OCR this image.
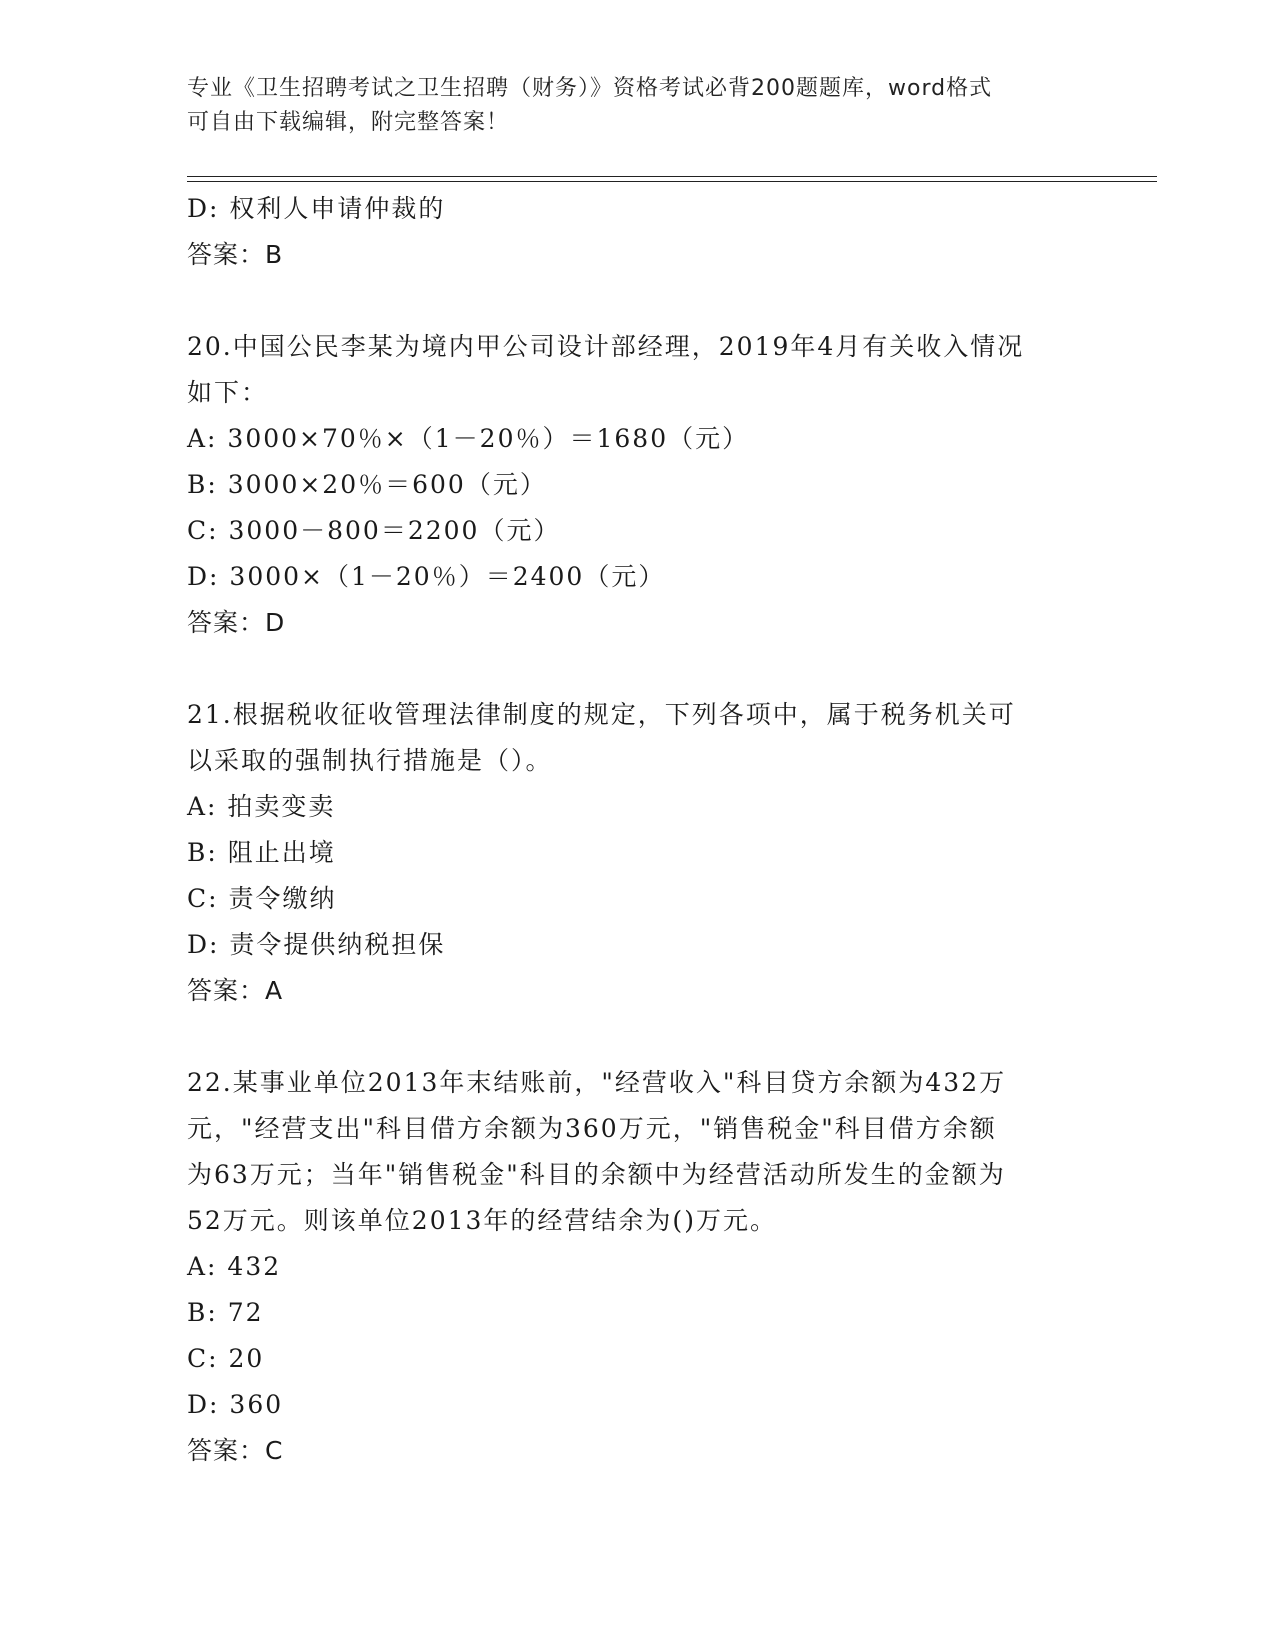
专业《卫生招聘考试之卫生招聘（财务）》资格考试必背200题题库，word格式
可自由下载编辑，附完整答案！
D: 权利人申请仲裁的
答案：B
20.中国公民李某为境内甲公司设计部经理，2019年4月有关收入情况
如下：
A: 3000×70％×（1－20％）＝1680（元）
B: 3000×20％＝600（元）
C: 3000－800＝2200（元）
D: 3000×（1－20％）＝2400（元）
答案：D
21.根据税收征收管理法律制度的规定，下列各项中，属于税务机关可
以采取的强制执行措施是（）。
A: 拍卖变卖
B: 阻止出境
C: 责令缴纳
D: 责令提供纳税担保
答案：A
22.某事业单位2013年末结账前，"经营收入"科目贷方余额为432万
元，"经营支出"科目借方余额为360万元，"销售税金"科目借方余额
为63万元；当年"销售税金"科目的余额中为经营活动所发生的金额为
52万元。则该单位2013年的经营结余为()万元。
A: 432
B: 72
C: 20
D: 360
答案：C
